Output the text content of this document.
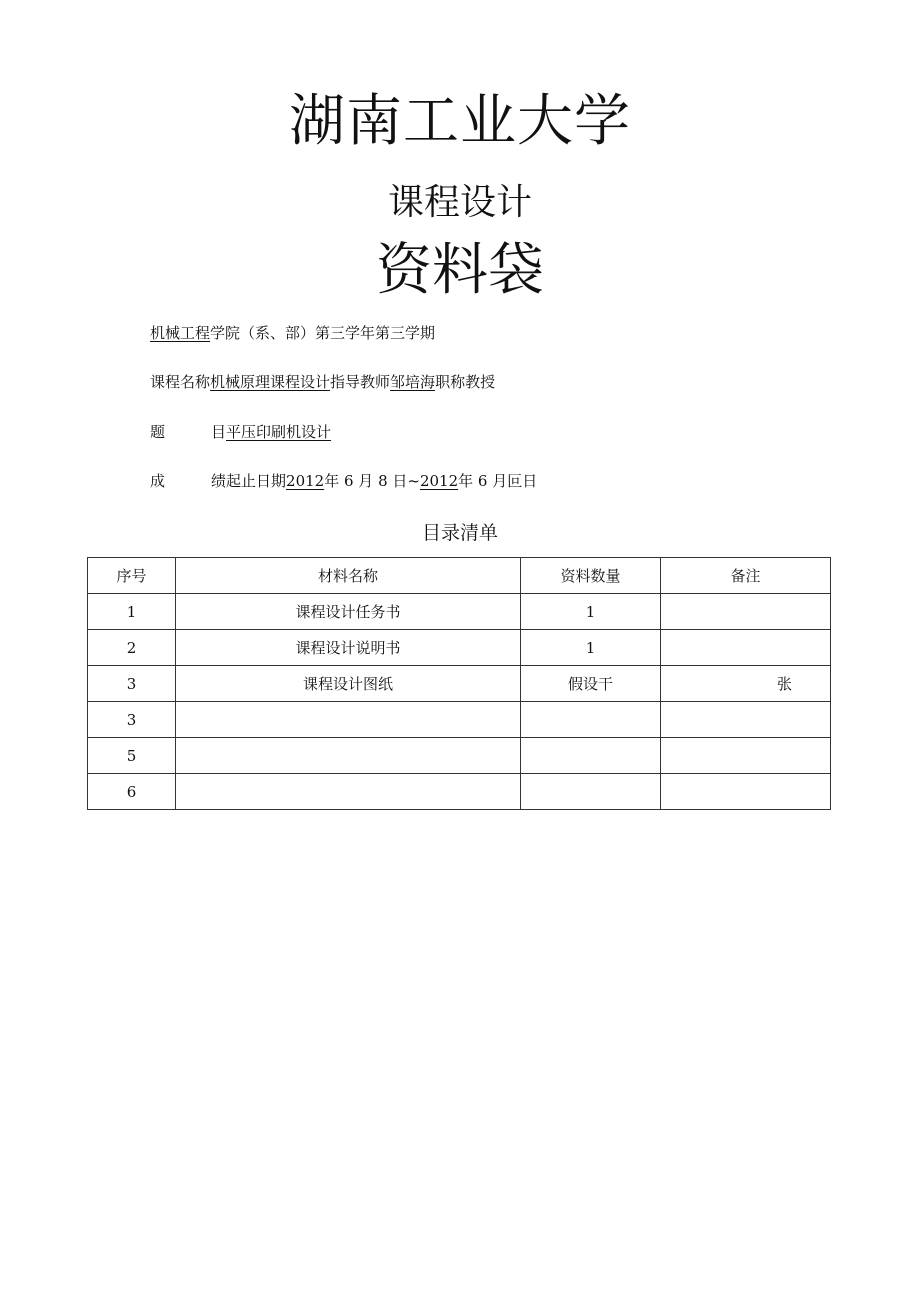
湖南工业大学
课程设计
资料袋
机械工程学院（系、部）第三学年第三学期
课程名称机械原理课程设计指导教师邹培海职称教授
题	目平压印刷机设计
成	绩起止日期2012年 6 月 8 日~2012年 6 月叵日
目录清单
序号	材料名称	资料数量	备注
1	课程设计任务书	1	
2	课程设计说明书	1	
3	课程设计图纸	假设干	张

3			
5			
6			
